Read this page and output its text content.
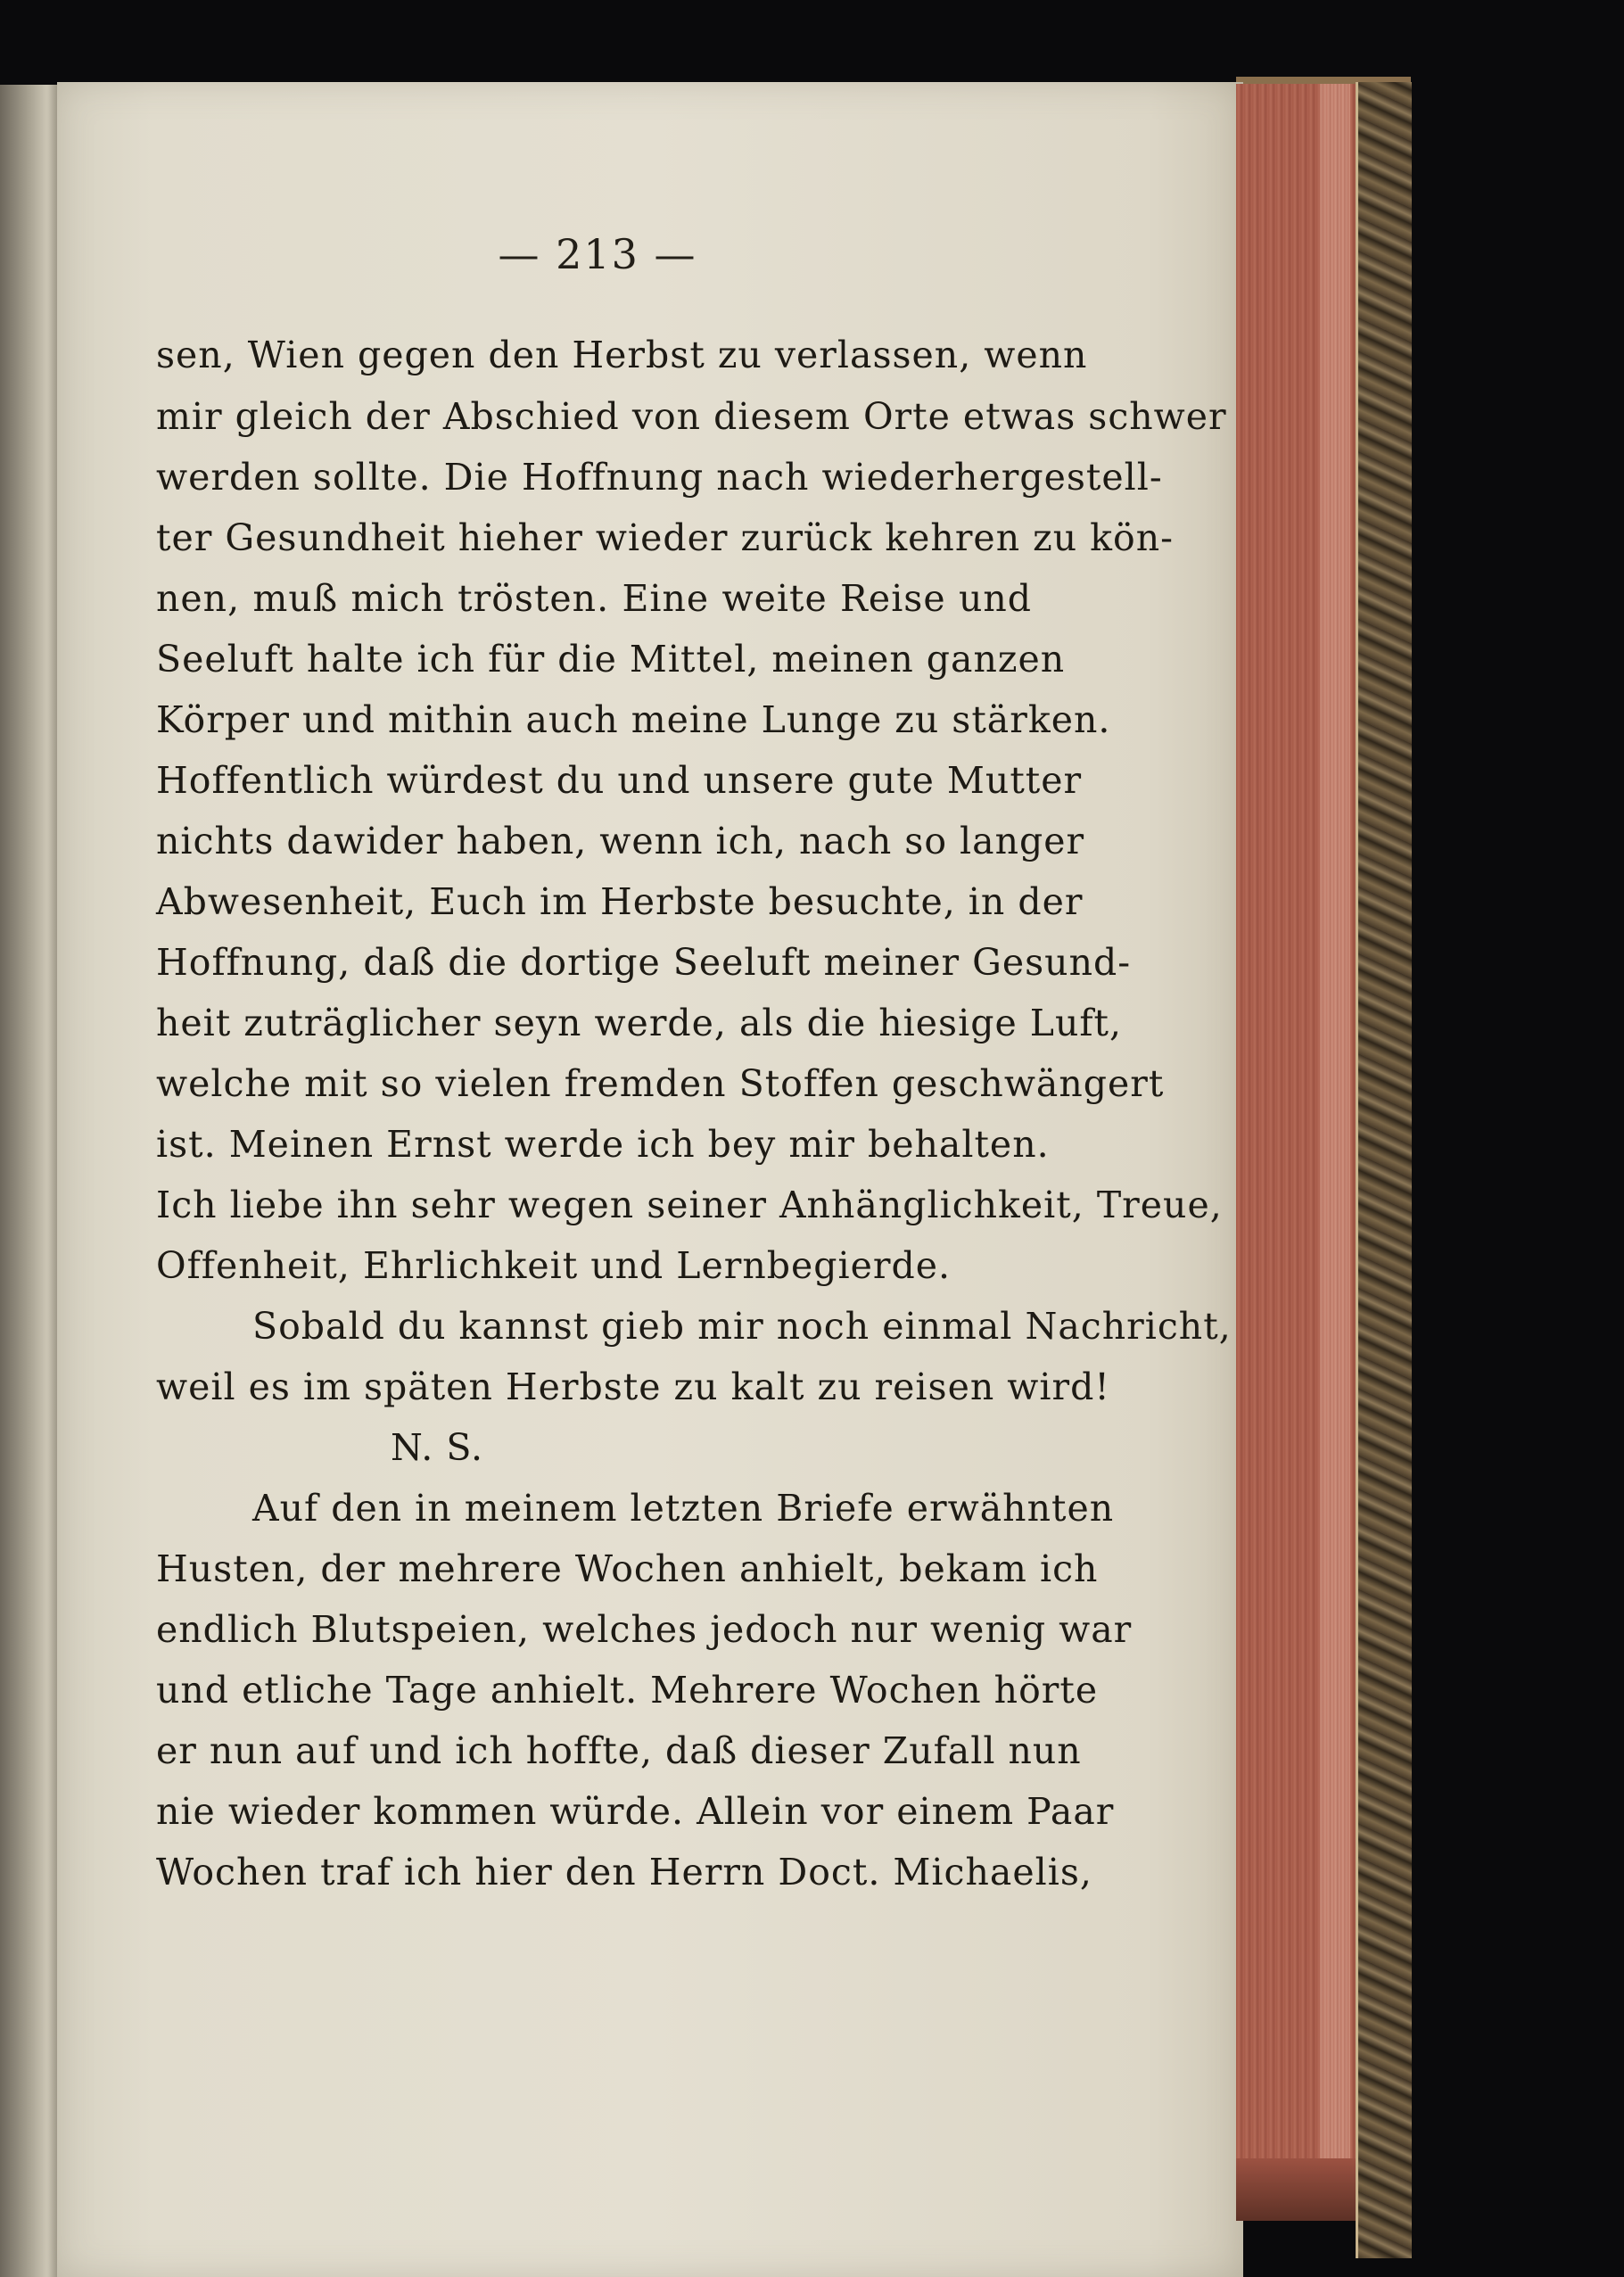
— 213 —
sen, Wien gegen den Herbst zu verlassen, wenn
mir gleich der Abschied von diesem Orte etwas schwer
werden sollte. Die Hoffnung nach wiederhergestell-
ter Gesundheit hieher wieder zurück kehren zu kön-
nen, muß mich trösten. Eine weite Reise und
Seeluft halte ich für die Mittel, meinen ganzen
Körper und mithin auch meine Lunge zu stärken.
Hoffentlich würdest du und unsere gute Mutter
nichts dawider haben, wenn ich, nach so langer
Abwesenheit, Euch im Herbste besuchte, in der
Hoffnung, daß die dortige Seeluft meiner Gesund-
heit zuträglicher seyn werde, als die hiesige Luft,
welche mit so vielen fremden Stoffen geschwängert
ist. Meinen Ernst werde ich bey mir behalten.
Ich liebe ihn sehr wegen seiner Anhänglichkeit, Treue,
Offenheit, Ehrlichkeit und Lernbegierde.
Sobald du kannst gieb mir noch einmal Nachricht,
weil es im späten Herbste zu kalt zu reisen wird!
N. S.
Auf den in meinem letzten Briefe erwähnten
Husten, der mehrere Wochen anhielt, bekam ich
endlich Blutspeien, welches jedoch nur wenig war
und etliche Tage anhielt. Mehrere Wochen hörte
er nun auf und ich hoffte, daß dieser Zufall nun
nie wieder kommen würde. Allein vor einem Paar
Wochen traf ich hier den Herrn Doct. Michaelis,
